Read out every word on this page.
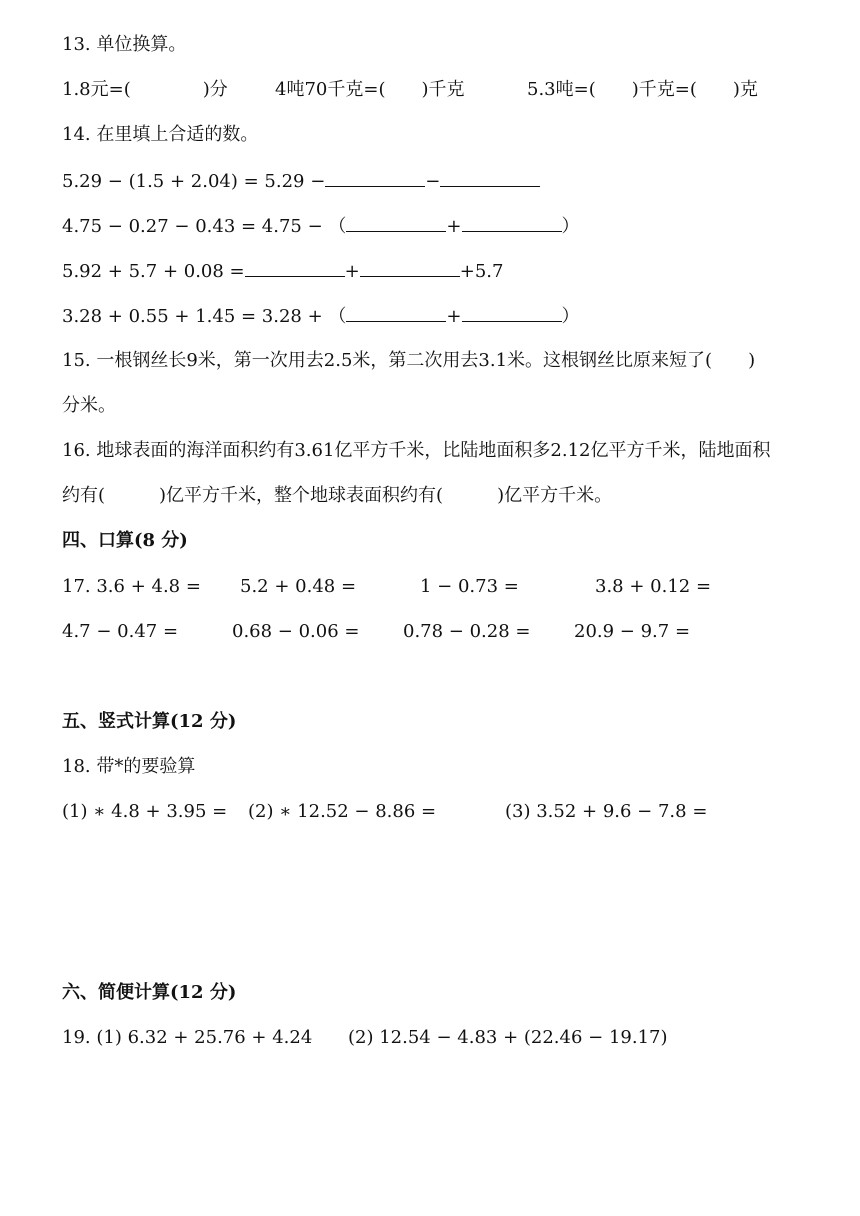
13. 单位换算。
1.8元=(　　　　)分	4吨70千克=(　　)千克	5.3吨=(　　)千克=(　　)克
14. 在里填上合适的数。
5.29 − (1.5 + 2.04) = 5.29 −	−
4.75 − 0.27 − 0.43 = 4.75 − （	+	）
5.92 + 5.7 + 0.08 =	+	+5.7
3.28 + 0.55 + 1.45 = 3.28 + （	+	）
15. 一根钢丝长9米，第一次用去2.5米，第二次用去3.1米。这根钢丝比原来短了(　　)
分米。
16. 地球表面的海洋面积约有3.61亿平方千米，比陆地面积多2.12亿平方千米，陆地面积
约有(　　　)亿平方千米，整个地球表面积约有(　　　)亿平方千米。
四、口算(8 分)
17. 3.6 + 4.8 = 5.2 + 0.48 =	1 − 0.73 =	3.8 + 0.12 =
4.7 − 0.47 =	0.68 − 0.06 = 0.78 − 0.28 = 20.9 − 9.7 =
五、竖式计算(12 分)
18. 带*的要验算
(1) ∗ 4.8 + 3.95 = (2) ∗ 12.52 − 8.86 =	(3) 3.52 + 9.6 − 7.8 =
六、简便计算(12 分)
19. (1) 6.32 + 25.76 + 4.24 (2) 12.54 − 4.83 + (22.46 − 19.17)
